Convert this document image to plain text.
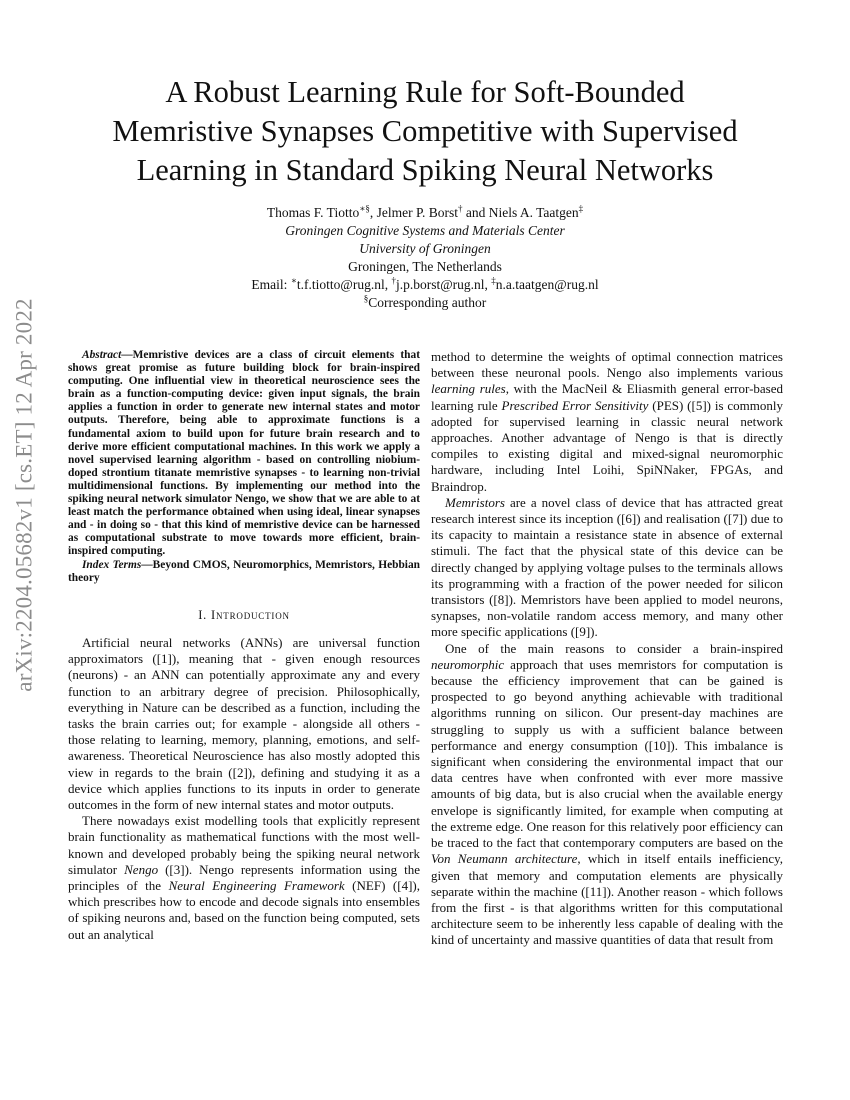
arXiv:2204.05682v1 [cs.ET] 12 Apr 2022
A Robust Learning Rule for Soft-Bounded
Memristive Synapses Competitive with Supervised
Learning in Standard Spiking Neural Networks
Thomas F. Tiotto∗§, Jelmer P. Borst† and Niels A. Taatgen‡
Groningen Cognitive Systems and Materials Center
University of Groningen
Groningen, The Netherlands
Email: ∗t.f.tiotto@rug.nl, †j.p.borst@rug.nl, ‡n.a.taatgen@rug.nl
§Corresponding author

Abstract—Memristive devices are a class of circuit elements that shows great promise as future building block for brain-inspired computing. One influential view in theoretical neuroscience sees the brain as a function-computing device: given input signals, the brain applies a function in order to generate new internal states and motor outputs. Therefore, being able to approximate functions is a fundamental axiom to build upon for future brain research and to derive more efficient computational machines. In this work we apply a novel supervised learning algorithm - based on controlling niobium-doped strontium titanate memristive synapses - to learning non-trivial multidimensional functions. By implementing our method into the spiking neural network simulator Nengo, we show that we are able to at least match the performance obtained when using ideal, linear synapses and - in doing so - that this kind of memristive device can be harnessed as computational substrate to move towards more efficient, brain-inspired computing.

Index Terms—Beyond CMOS, Neuromorphics, Memristors, Hebbian theory

I. Introduction

Artificial neural networks (ANNs) are universal function approximators ([1]), meaning that - given enough resources (neurons) - an ANN can potentially approximate any and every function to an arbitrary degree of precision. Philosophically, everything in Nature can be described as a function, including the tasks the brain carries out; for example - alongside all others - those relating to learning, memory, planning, emotions, and self-awareness. Theoretical Neuroscience has also mostly adopted this view in regards to the brain ([2]), defining and studying it as a device which applies functions to its inputs in order to generate outcomes in the form of new internal states and motor outputs.

There nowadays exist modelling tools that explicitly represent brain functionality as mathematical functions with the most well-known and developed probably being the spiking neural network simulator Nengo ([3]). Nengo represents information using the principles of the Neural Engineering Framework (NEF) ([4]), which prescribes how to encode and decode signals into ensembles of spiking neurons and, based on the function being computed, sets out an analytical

method to determine the weights of optimal connection matrices between these neuronal pools. Nengo also implements various learning rules, with the MacNeil & Eliasmith general error-based learning rule Prescribed Error Sensitivity (PES) ([5]) is commonly adopted for supervised learning in classic neural network approaches. Another advantage of Nengo is that is directly compiles to existing digital and mixed-signal neuromorphic hardware, including Intel Loihi, SpiNNaker, FPGAs, and Braindrop.

Memristors are a novel class of device that has attracted great research interest since its inception ([6]) and realisation ([7]) due to its capacity to maintain a resistance state in absence of external stimuli. The fact that the physical state of this device can be directly changed by applying voltage pulses to the terminals allows its programming with a fraction of the power needed for silicon transistors ([8]). Memristors have been applied to model neurons, synapses, non-volatile random access memory, and many other more specific applications ([9]).

One of the main reasons to consider a brain-inspired neuromorphic approach that uses memristors for computation is because the efficiency improvement that can be gained is prospected to go beyond anything achievable with traditional algorithms running on silicon. Our present-day machines are struggling to supply us with a sufficient balance between performance and energy consumption ([10]). This imbalance is significant when considering the environmental impact that our data centres have when confronted with ever more massive amounts of big data, but is also crucial when the available energy envelope is significantly limited, for example when computing at the extreme edge. One reason for this relatively poor efficiency can be traced to the fact that contemporary computers are based on the Von Neumann architecture, which in itself entails inefficiency, given that memory and computation elements are physically separate within the machine ([11]). Another reason - which follows from the first - is that algorithms written for this computational architecture seem to be inherently less capable of dealing with the kind of uncertainty and massive quantities of data that result from
